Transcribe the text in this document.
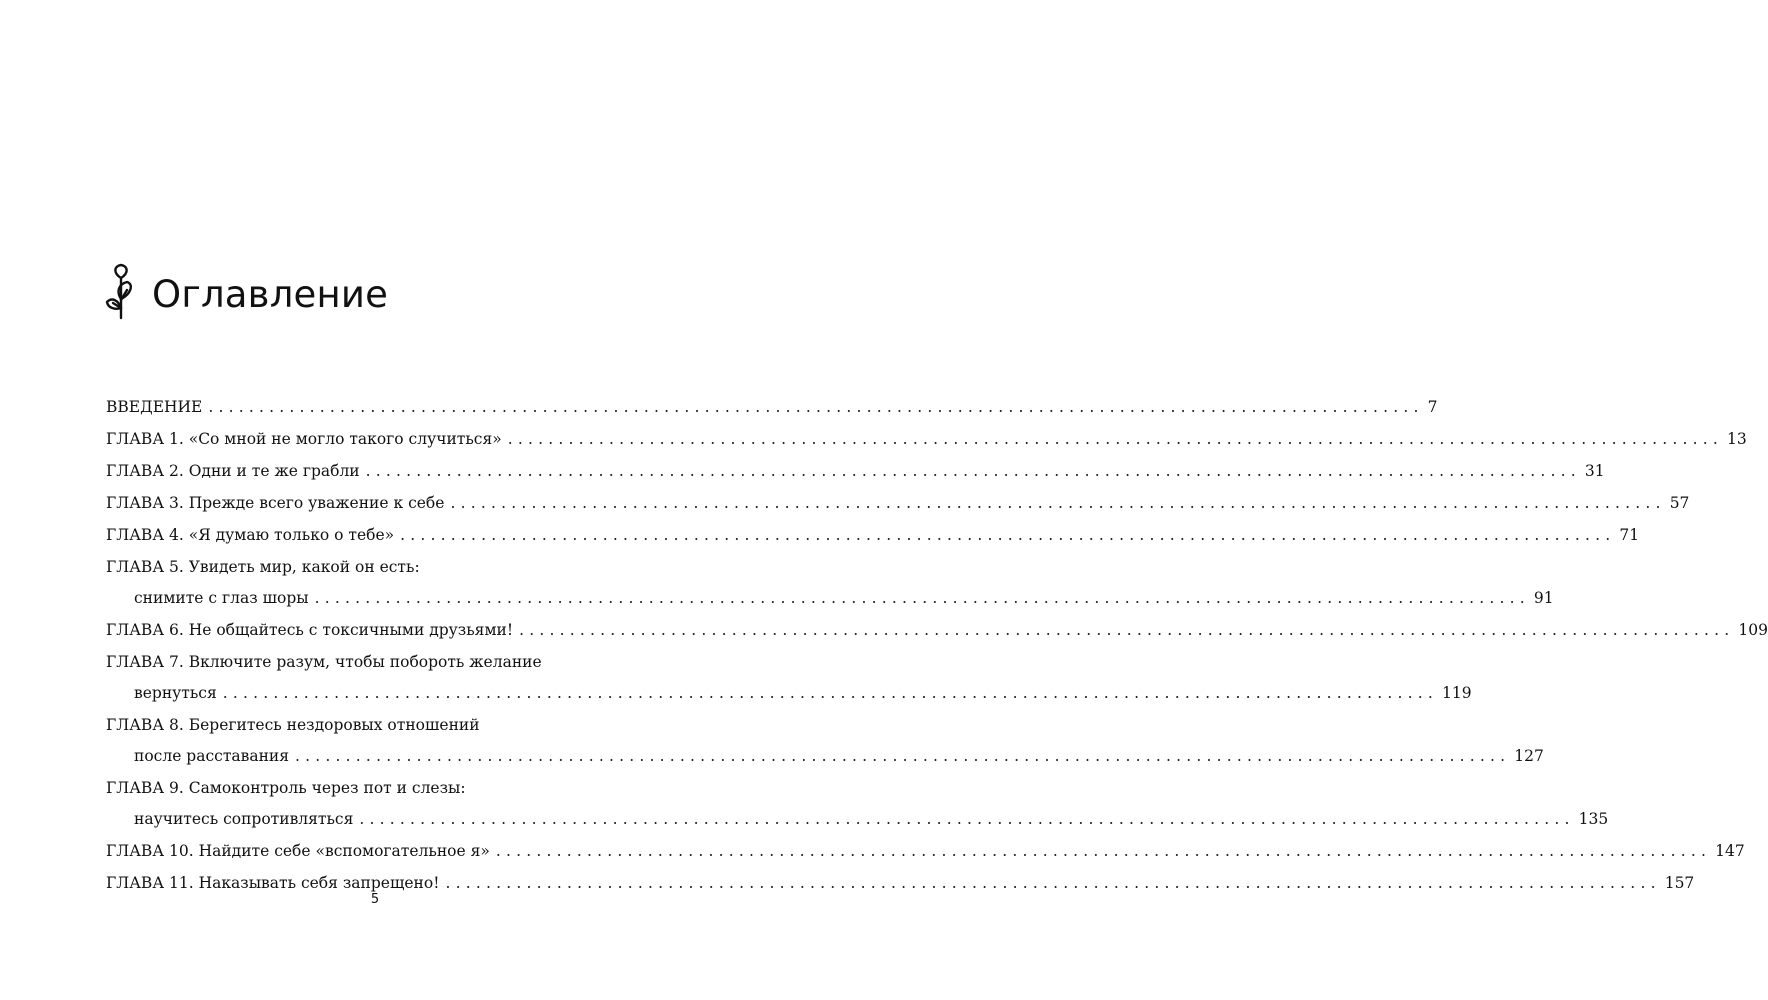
Оглавление
ВВЕДЕНИЕ ........................................................................................................................ 7
ГЛАВА 1. «Со мной не могло такого случиться» ........................................................................................................................ 13
ГЛАВА 2. Одни и те же грабли ........................................................................................................................ 31
ГЛАВА 3. Прежде всего уважение к себе ........................................................................................................................ 57
ГЛАВА 4. «Я думаю только о тебе» ........................................................................................................................ 71
ГЛАВА 5. Увидеть мир, какой он есть:
снимите с глаз шоры ........................................................................................................................ 91
ГЛАВА 6. Не общайтесь с токсичными друзьями! ........................................................................................................................ 109
ГЛАВА 7. Включите разум, чтобы побороть желание
вернуться ........................................................................................................................ 119
ГЛАВА 8. Берегитесь нездоровых отношений
после расставания ........................................................................................................................ 127
ГЛАВА 9. Самоконтроль через пот и слезы:
научитесь сопротивляться ........................................................................................................................ 135
ГЛАВА 10. Найдите себе «вспомогательное я» ........................................................................................................................ 147
ГЛАВА 11. Наказывать себя запрещено! ........................................................................................................................ 157
5
